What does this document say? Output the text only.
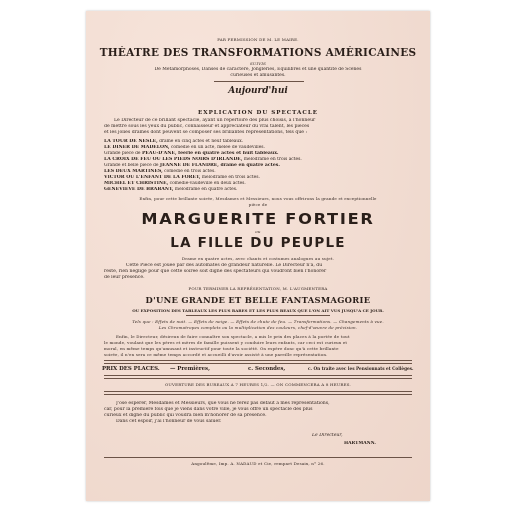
PAR PERMISSION DE M. LE MAIRE.
THÉATRE DES TRANSFORMATIONS AMÉRICAINES
SUIVIS
De Métamorphoses, Danses de caractère, Jongleries, Équilibres et une quantité de Scènes
curieuses et amusantes.
Aujourd'hui
EXPLICATION DU SPECTACLE
Le Directeur de ce brillant spectacle, ayant un répertoire des plus choisis, a l'honneur
de mettre sous les yeux du public, connaisseur et appréciateur du vrai talent, les pièces
et les jolies drames dont peuvent se composer ses brillantes représentations, tels que :
LA TOUR DE NESLE, drame en cinq actes et neuf tableaux.
LE DINER DE MADELON, comédie en un acte, mêlée de vaudevilles.
Grande pièce de PEAU-D'ANE, féerie en quatre actes et huit tableaux.
LA CROIX DE FEU OU LES PIEDS NOIRS D'IRLANDE, mélodrame en trois actes.
Grande et belle pièce de JEANNE DE FLANDRE, drame en quatre actes.
LES DEUX MARTINES, comédie en trois actes.
VICTOR OU L'ENFANT DE LA FORÊT, mélodrame en trois actes.
MICHEL ET CHRISTINE, comédie-vaudeville en deux actes.
GENEVIÈVE DE BRABANT, mélodrame en quatre actes.
Enfin, pour cette brillante soirée, Mesdames et Messieurs, nous vous offrirons la grande et exceptionnelle
pièce de
MARGUERITE FORTIER
ou
LA FILLE DU PEUPLE
Drame en quatre actes, avec chants et costumes analogues au sujet.
Cette Pièce est jouée par des automates de grandeur naturelle. Le Directeur n'a, du
reste, rien négligé pour que cette soirée soit digne des spectateurs qui voudront bien l'honorer
de leur présence.
POUR TERMINER LA REPRÉSENTATION, M. L'AUGMENTERA
D'UNE GRANDE ET BELLE FANTASMAGORIE
OU EXPOSITION DES TABLEAUX LES PLUS RARES ET LES PLUS BEAUX QUE L'ON AIT VUS JUSQU'A CE JOUR.
Tels que : Effets de nuit. — Effets de neige. — Effets de chute de feu. — Transformations. — Changements à vue.
Les Chromatropes complets ou la multiplication des couleurs, chef-d'œuvre de précision.
Enfin, le Directeur, désireux de faire connaître son spectacle, a mis le prix des places à la portée de tout
le monde, voulant que les pères et mères de famille puissent y conduire leurs enfants, car ceci est curieux et
moral, en même temps qu'amusant et instructif pour toute la société. On espère donc qu'à cette brillante
soirée, il n'en sera ce même temps accordé et accueilli d'avoir assisté à une pareille représentation.
PRIX DES PLACES. — Premières,	c. Secondes,	c. On traite avec les Pensionnats et Collèges.
OUVERTURE DES BUREAUX A 7 HEURES 1/2. — ON COMMENCERA A 8 HEURES.
J'ose espérer, Mesdames et Messieurs, que vous ne ferez pas défaut à mes représentations,
car, pour la première fois que je viens dans votre ville, je vous offre un spectacle des plus
curieux et digne du public qui voudra bien m'honorer de sa présence.
Dans cet espoir, j'ai l'honneur de vous saluer.
Le Directeur,
HARTMANN.
Angoulême, Imp. A. NADAUD et Cie, rempart Desaix, n° 26.
